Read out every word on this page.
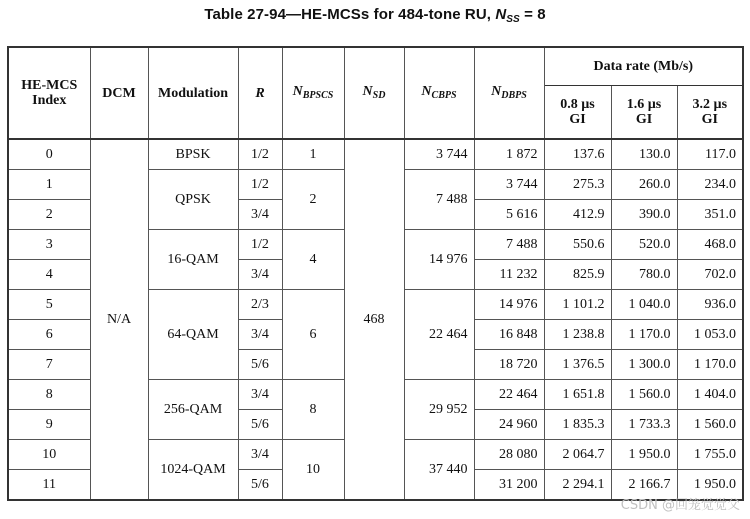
Table 27-94—HE-MCSs for 484-tone RU, $N_{SS} = 8$
HE-MCS Index	DCM	Modulation	R	$N_{BPSCS}$	$N_{SD}$	$N_{CBPS}$	$N_{DBPS}$	Data rate (Mb/s)		
								0.8 µs GI	1.6 µs GI	3.2 µs GI
0	N/A	BPSK	1/2	1	468	3 744	1 872	137.6	130.0	117.0
1		QPSK	1/2	2		7 488	3 744	275.3	260.0	234.0
2			3/4				5 616	412.9	390.0	351.0
3		16-QAM	1/2	4		14 976	7 488	550.6	520.0	468.0
4			3/4				11 232	825.9	780.0	702.0
5		64-QAM	2/3	6		22 464	14 976	1 101.2	1 040.0	936.0
6			3/4				16 848	1 238.8	1 170.0	1 053.0
7			5/6				18 720	1 376.5	1 300.0	1 170.0
8		256-QAM	3/4	8		29 952	22 464	1 651.8	1 560.0	1 404.0
9			5/6				24 960	1 835.3	1 733.3	1 560.0
10		1024-QAM	3/4	10		37 440	28 080	2 064.7	1 950.0	1 755.0
11			5/6				31 200	2 294.1	2 166.7	1 950.0
CSDN @回笼觉觉父
